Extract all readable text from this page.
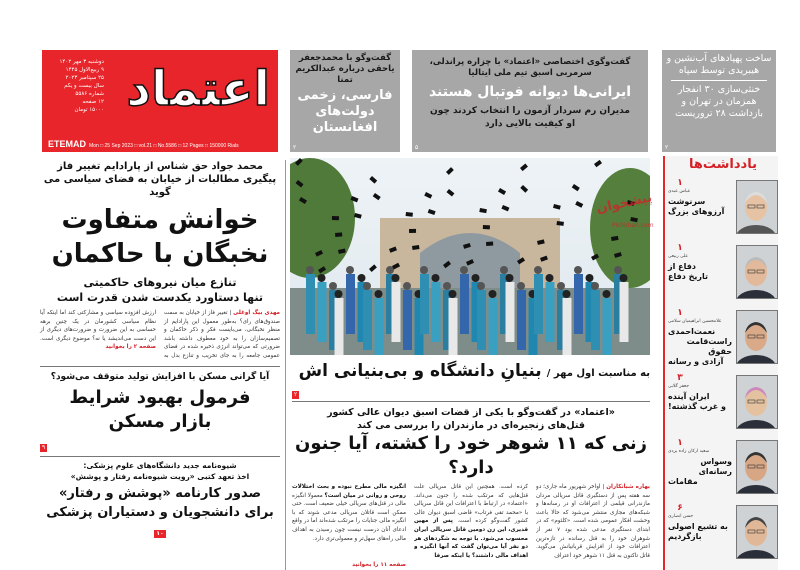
اعتماد
دوشنبه ۳ مهر ۱۴۰۲
۹ ربیع‌الاول ۱۴۴۵
۲۵ سپتامبر ۲۰۲۳
سال بیست و یکم
شماره ۵۵۸۶
۱۲ صفحه
۱۵۰۰۰ تومان
ETEMAD Mon □ 25 Sep 2023 □ vol.21 □ No.5586 □ 12 Pages □ 150000 Rials
گفت‌وگو با محمدجعفر یاحقی درباره عبدالکریم تمنا
فارسی، زخمی دولت‌های افغانستان
۲
گفت‌وگوی اختصاصی «اعتماد» با چزاره پراندلی، سرمربی اسبق تیم ملی ایتالیا
ایرانی‌ها دیوانه فوتبال هستند
مدیران رم سردار آزمون را انتخاب کردند چون او کیفیت بالایی دارد
۵
ساخت پهپادهای آب‌نشین و هیبریدی توسط سپاه
خنثی‌سازی ۳۰ انفجار همزمان در تهران و بازداشت ۲۸ تروریست
۲
محمد جواد حق شناس از پارادایم تغییر فاز پیگیری مطالبات از خیابان به فضای سیاسی می گوید
خوانش متفاوت
نخبگان با حاکمان
تنازع میان نیروهای حاکمیتی
تنها دستاورد یکدست شدن قدرت است
مهدی بیگ اوغلی | تغییر فاز از خیابان به سمت صندوق‌های رای؟ به‌طور معمول این پارادایم از منظر نخبگانی، می‌بایست فکر و ذکر حاکمان و تصمیم‌سازان را به خود معطوف داشته باشد ضرورتی که می‌تواند انرژی ذخیره شده در فضای عمومی جامعه را به جای تخریب و تنازع بدل به ارزش افزوده سیاسی و مشارکتی کند اما اینکه آیا نظام سیاسی کشورمان در یک چنین برهه حساسی به این ضرورت و ضرورت‌های دیگری از این دست می‌اندیشد یا نه؟ موضوع دیگری است. صفحه ۲ را بخوانید
آیا گرانی مسکن با افزایش تولید متوقف می‌شود؟
فرمول بهبود شرایط
بازار مسکن
۹
شیوه‌نامه جدید دانشگاه‌های علوم پزشکی:
اخذ تعهد کتبی «رویت شیوه‌نامه رفتار و پوشش»
صدور کارنامه «پوشش و رفتار»
برای دانشجویان و دستیاران پزشکی ۱۰
به مناسبت اول مهر / بنیانِ دانشگاه و بی‌بنیانی اش
۲
«اعتماد» در گفت‌وگو با یکی از قضات اسبق دیوان عالی کشور
قتل‌های زنجیره‌ای در مازندران را بررسی می کند
زنی که ۱۱ شوهر خود را کشته، آیا جنون دارد؟
بهاره شبانکاران | اواخر شهریور ماه جاری؛ دو سه هفته پس از دستگیری قاتل سریالی مردان مازندرانی قیلمی از اعترافات او در رسانه‌ها و شبکه‌های مجازی منتشر می‌شود که حالا باعث وحشت افکار عمومی شده است. «کلثوم» که در ابتدای دستگیری مدعی شده بود ۷ نفر از شوهران خود را به قتل رسانده در تازه‌ترین اعترافات خود از افزایش قربانیانش می‌گوید. قاتل تاکنون به قتل ۱۱ شوهر خود اعتراف
کرده است. همچنین این قاتل سریالی علت قتل‌هایی که مرتکب شده را جنون می‌داند. «اعتماد» در ارتباط با اعترافات این قاتل سریالی با «محمد تقی فرتاب» قاضی اسبق دیوان عالی کشور گفت‌وگو کرده است. پس از مهین قدیری، این زن دومین قاتل سریالی ایران محسوب می‌شود. با توجه به شگردهای هر دو نفر آیا می‌توان گفت که آنها انگیزه و اهداف مالی داشتند؟ یا اینکه صرفا
انگیزه مالی مطرح نبوده و بحث اختلالات روحی و روانی در میان است؟ معمولا انگیزه مالی در قتل‌های سریالی خیلی ضعیف است. حتی ممکن است قاتلان سریالی مدعی شوند که با انگیزه مالی جنایات را مرتکب شده‌اند اما در واقع ادعای آنان درست نیست چون رسیدن به اهداف مالی راه‌های سهل‌تر و معمولی‌تری دارد.
صفحه ۱۱ را بخوانید
یادداشت‌ها
پیشخوان
Pishkhan.com
۱
عباس عبدی
سرنوشت
آرزوهای بزرگ
۱
علی ربیعی
دفاع از
تاریخ دفاع
۱
غلامحسین ابراهیمیان سلامی
نعمت‌احمدی
راست‌قامت حقوق
آزادی و رسانه
۳
جعفر گلابی
ایران آینده
و غرب گذشته!
۱
سعید ارکان زاده یزدی
وسواس رسانه‌ای
مقامات
۶
حسن انصاری
به تشیع اصولی
بازگردیم
